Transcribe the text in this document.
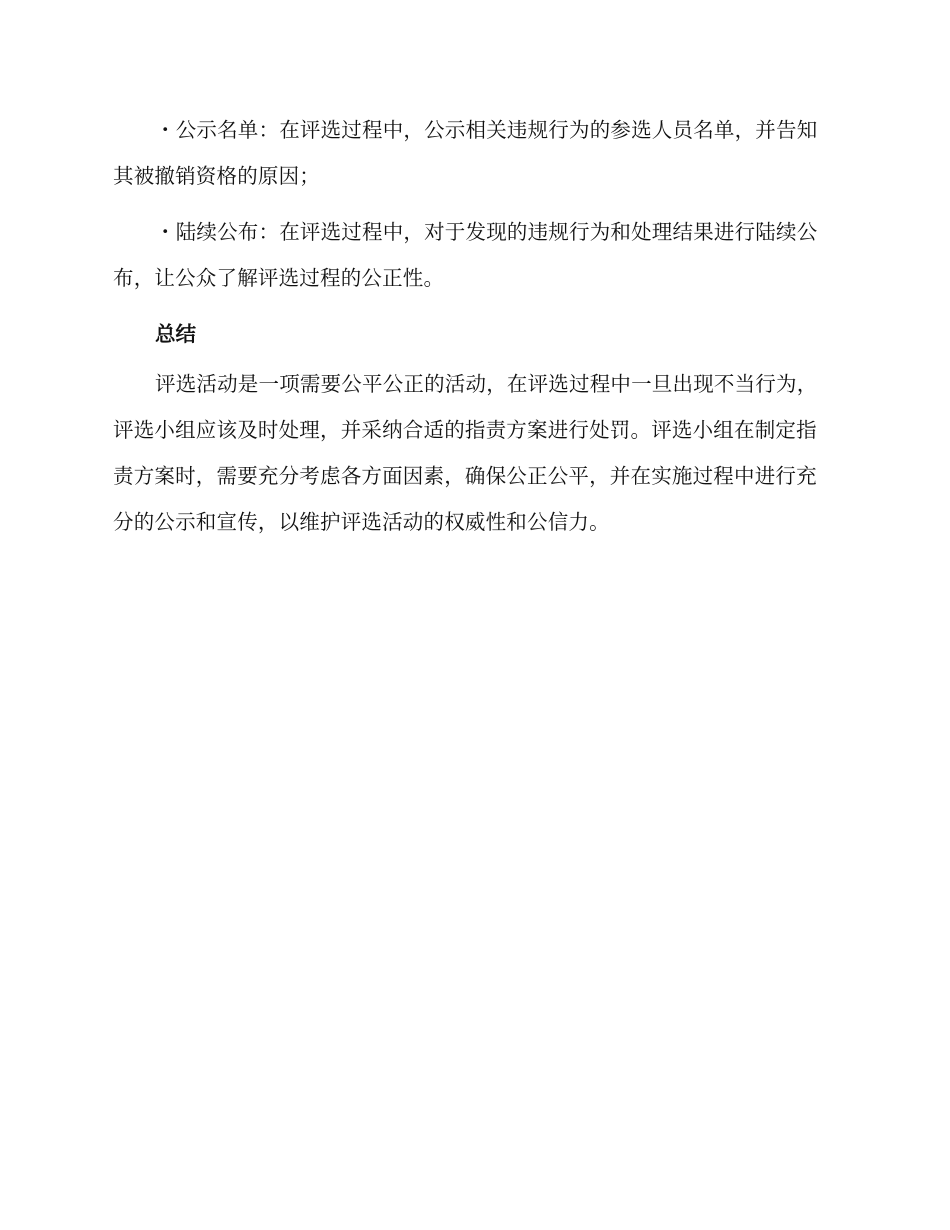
・公示名单：在评选过程中，公示相关违规行为的参选人员名单，并告知其被撤销资格的原因；

・陆续公布：在评选过程中，对于发现的违规行为和处理结果进行陆续公布，让公众了解评选过程的公正性。

总结

评选活动是一项需要公平公正的活动，在评选过程中一旦出现不当行为，评选小组应该及时处理，并采纳合适的指责方案进行处罚。评选小组在制定指责方案时，需要充分考虑各方面因素，确保公正公平，并在实施过程中进行充分的公示和宣传，以维护评选活动的权威性和公信力。
